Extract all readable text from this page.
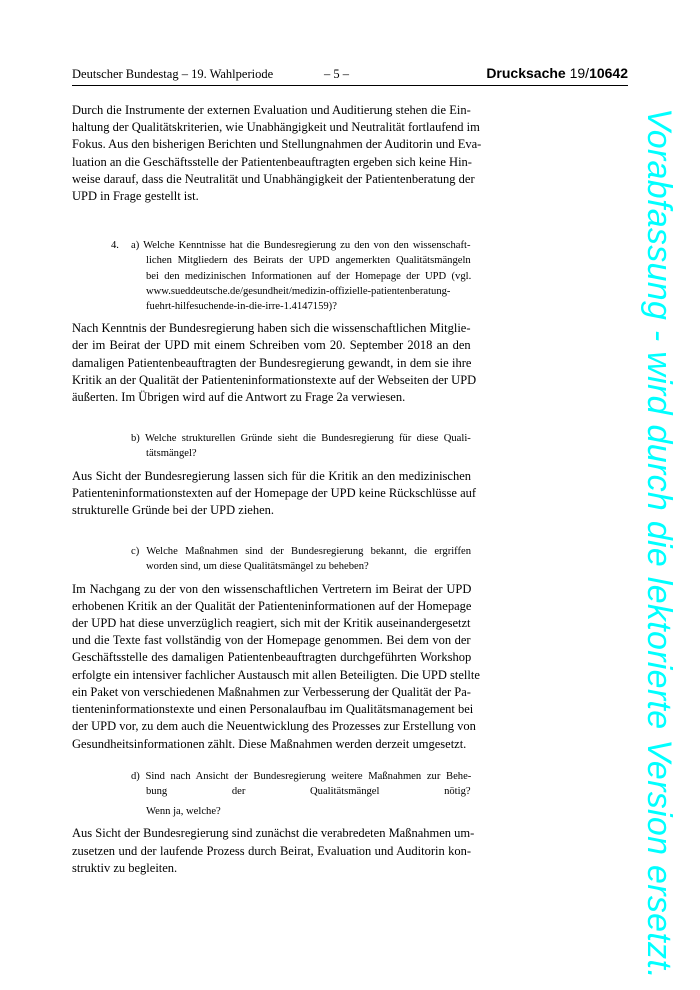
Deutscher Bundestag – 19. Wahlperiode	– 5 –	Drucksache 19/10642

Durch die Instrumente der externen Evaluation und Auditierung stehen die Ein-
haltung der Qualitätskriterien, wie Unabhängigkeit und Neutralität fortlaufend im
Fokus. Aus den bisherigen Berichten und Stellungnahmen der Auditorin und Eva-
luation an die Geschäftsstelle der Patientenbeauftragten ergeben sich keine Hin-
weise darauf, dass die Neutralität und Unabhängigkeit der Patientenberatung der
UPD in Frage gestellt ist.

4. a) Welche Kenntnisse hat die Bundesregierung zu den von den wissenschaft-
lichen Mitgliedern des Beirats der UPD angemerkten Qualitätsmängeln
bei den medizinischen Informationen auf der Homepage der UPD (vgl.
www.sueddeutsche.de/gesundheit/medizin-offizielle-patientenberatung-
fuehrt-hilfesuchende-in-die-irre-1.4147159)?

Nach Kenntnis der Bundesregierung haben sich die wissenschaftlichen Mitglie-
der im Beirat der UPD mit einem Schreiben vom 20. September 2018 an den
damaligen Patientenbeauftragten der Bundesregierung gewandt, in dem sie ihre
Kritik an der Qualität der Patienteninformationstexte auf der Webseiten der UPD
äußerten. Im Übrigen wird auf die Antwort zu Frage 2a verwiesen.

b) Welche strukturellen Gründe sieht die Bundesregierung für diese Quali-
tätsmängel?

Aus Sicht der Bundesregierung lassen sich für die Kritik an den medizinischen
Patienteninformationstexten auf der Homepage der UPD keine Rückschlüsse auf
strukturelle Gründe bei der UPD ziehen.

c) Welche Maßnahmen sind der Bundesregierung bekannt, die ergriffen
worden sind, um diese Qualitätsmängel zu beheben?

Im Nachgang zu der von den wissenschaftlichen Vertretern im Beirat der UPD
erhobenen Kritik an der Qualität der Patienteninformationen auf der Homepage
der UPD hat diese unverzüglich reagiert, sich mit der Kritik auseinandergesetzt
und die Texte fast vollständig von der Homepage genommen. Bei dem von der
Geschäftsstelle des damaligen Patientenbeauftragten durchgeführten Workshop
erfolgte ein intensiver fachlicher Austausch mit allen Beteiligten. Die UPD stellte
ein Paket von verschiedenen Maßnahmen zur Verbesserung der Qualität der Pa-
tienteninformationstexte und einen Personalaufbau im Qualitätsmanagement bei
der UPD vor, zu dem auch die Neuentwicklung des Prozesses zur Erstellung von
Gesundheitsinformationen zählt. Diese Maßnahmen werden derzeit umgesetzt.

d) Sind nach Ansicht der Bundesregierung weitere Maßnahmen zur Behe-
bung der Qualitätsmängel nötig?
Wenn ja, welche?

Aus Sicht der Bundesregierung sind zunächst die verabredeten Maßnahmen um-
zusetzen und der laufende Prozess durch Beirat, Evaluation und Auditorin kon-
struktiv zu begleiten.	Vorabfassung - wird durch die lektorierte Version ersetzt.
